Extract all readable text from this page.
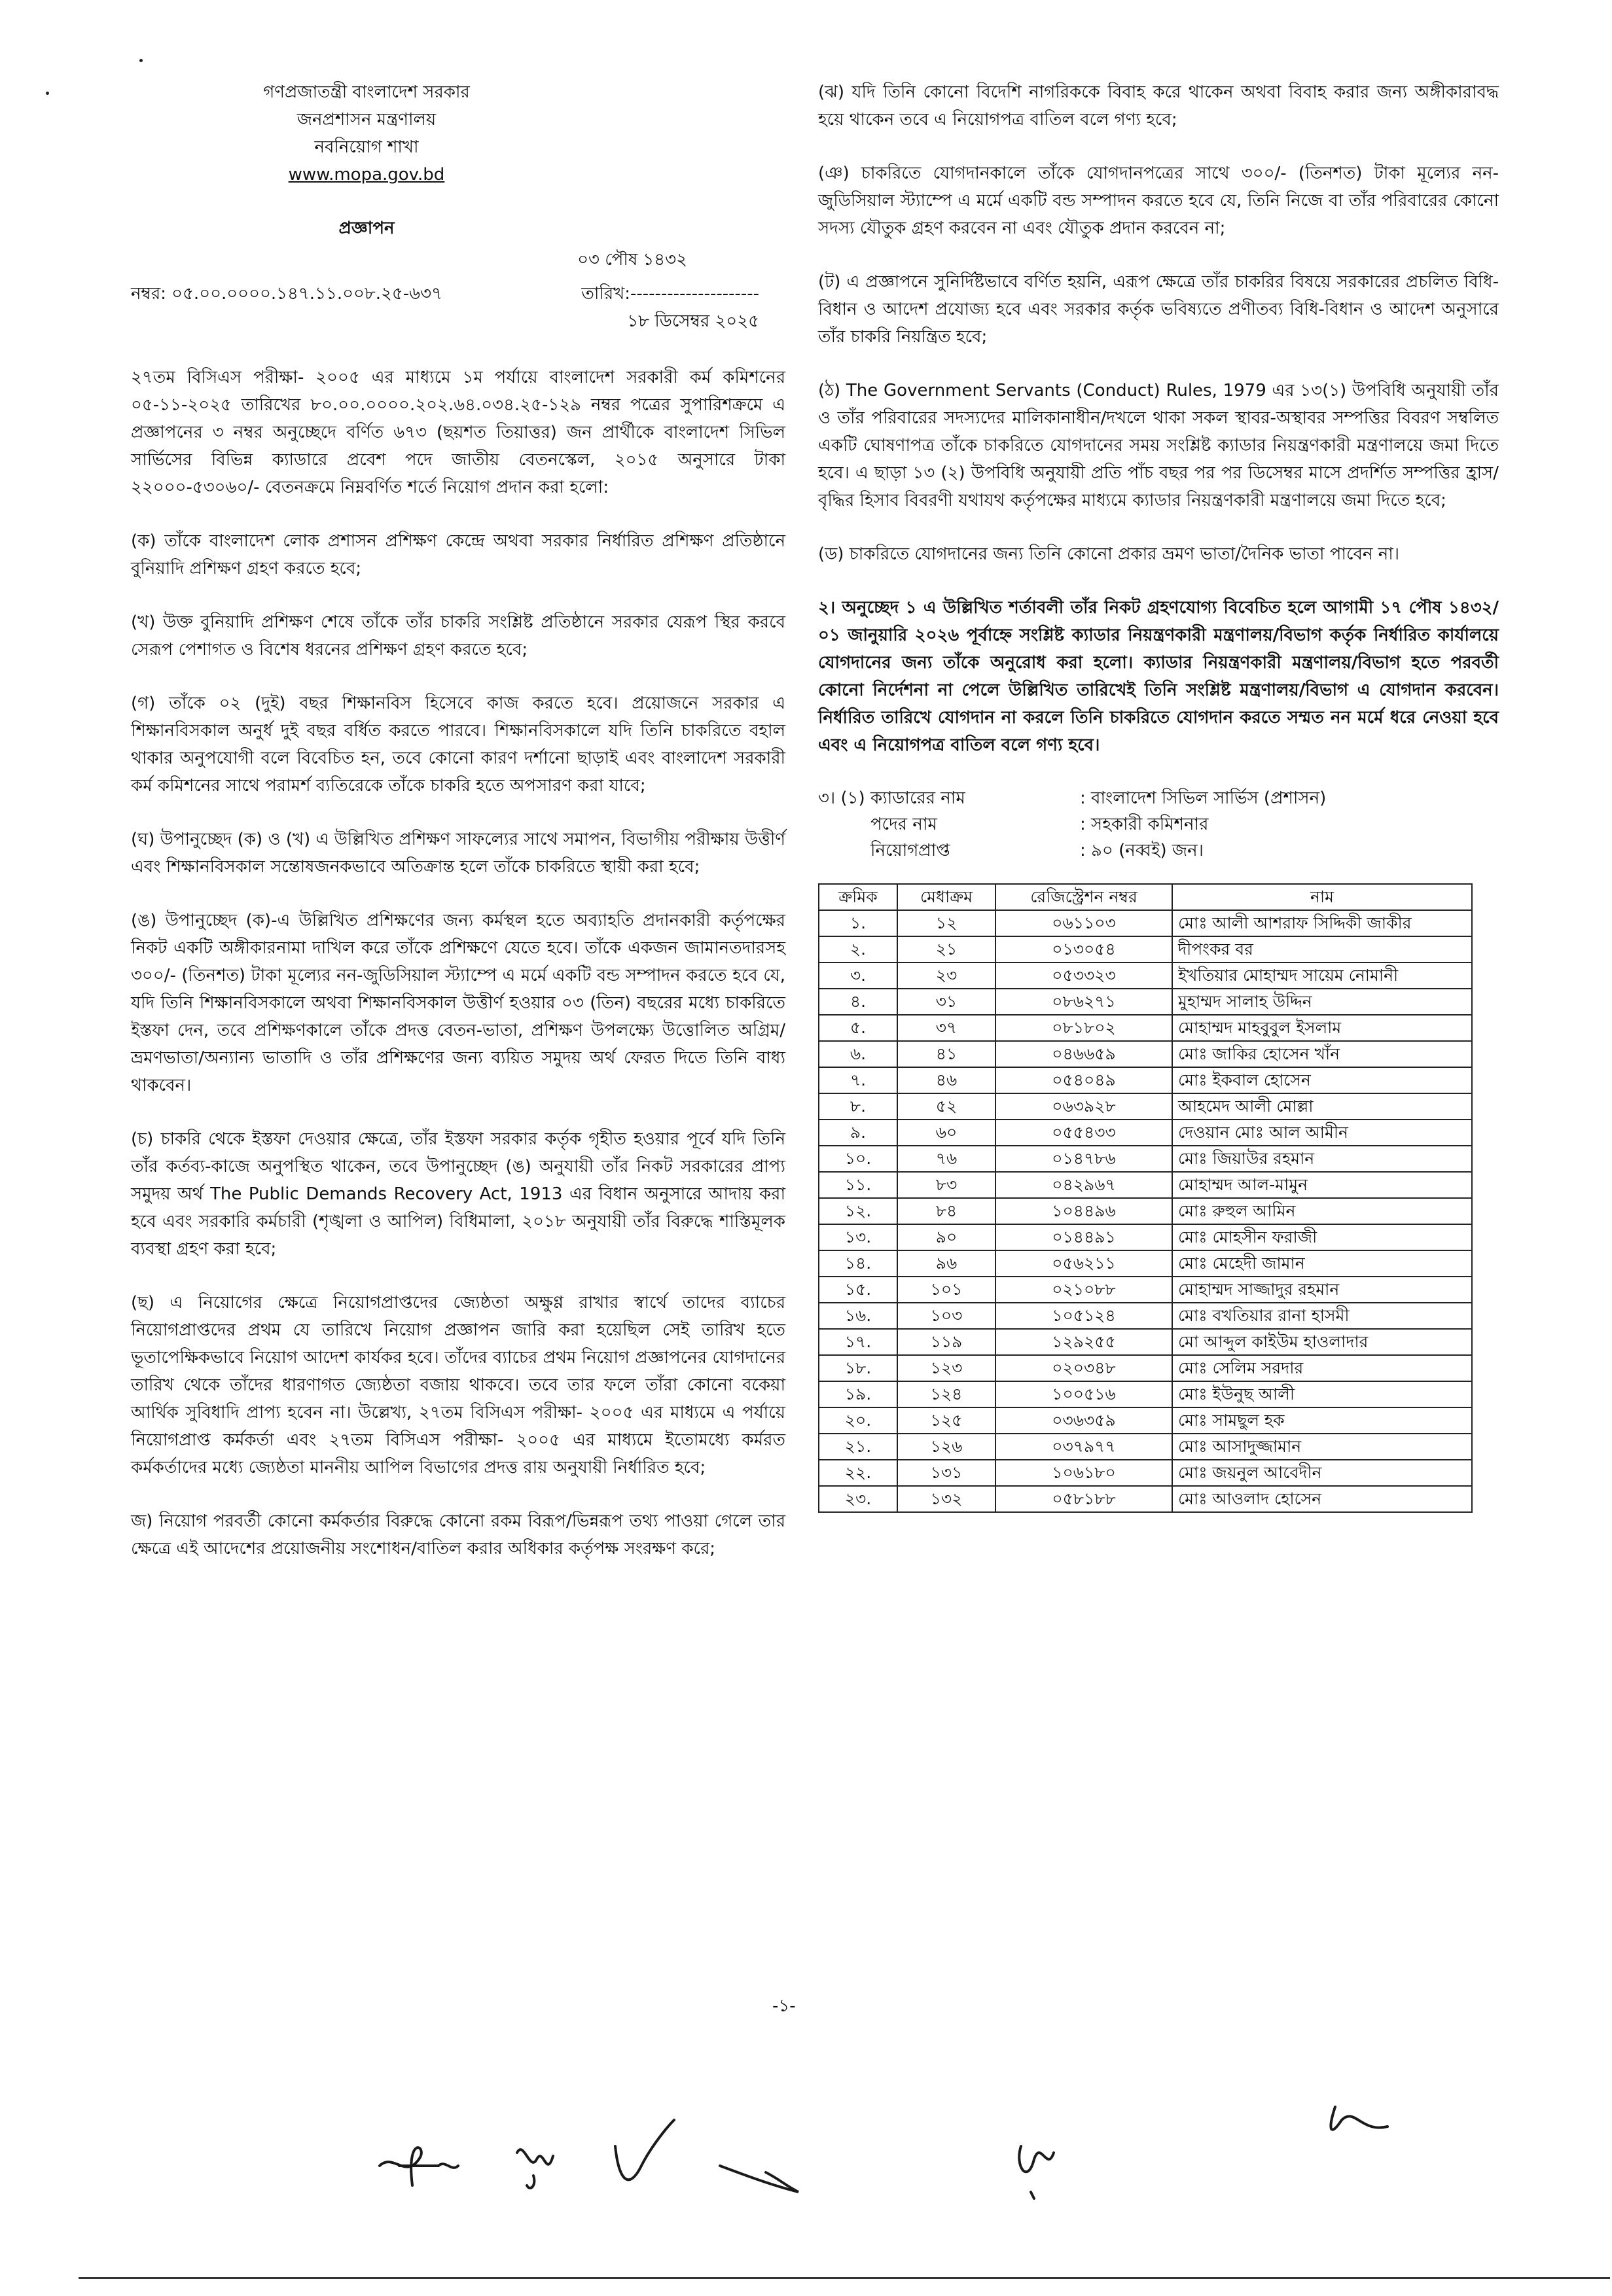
গণপ্রজাতন্ত্রী বাংলাদেশ সরকার
জনপ্রশাসন মন্ত্রণালয়
নবনিয়োগ শাখা
www.mopa.gov.bd
প্রজ্ঞাপন
০৩ পৌষ ১৪৩২
নম্বর: ০৫.০০.০০০০.১৪৭.১১.০০৮.২৫-৬৩৭	তারিখ:---------------------
১৮ ডিসেম্বর ২০২৫

২৭তম বিসিএস পরীক্ষা- ২০০৫ এর মাধ্যমে ১ম পর্যায়ে বাংলাদেশ সরকারী কর্ম কমিশনের ০৫-১১-২০২৫ তারিখের ৮০.০০.০০০০.২০২.৬৪.০৩৪.২৫-১২৯ নম্বর পত্রের সুপারিশক্রমে এ প্রজ্ঞাপনের ৩ নম্বর অনুচ্ছেদে বর্ণিত ৬৭৩ (ছয়শত তিয়াত্তর) জন প্রার্থীকে বাংলাদেশ সিভিল সার্ভিসের বিভিন্ন ক্যাডারে প্রবেশ পদে জাতীয় বেতনস্কেল, ২০১৫ অনুসারে টাকা ২২০০০-৫৩০৬০/- বেতনক্রমে নিম্নবর্ণিত শর্তে নিয়োগ প্রদান করা হলো:

(ক) তাঁকে বাংলাদেশ লোক প্রশাসন প্রশিক্ষণ কেন্দ্রে অথবা সরকার নির্ধারিত প্রশিক্ষণ প্রতিষ্ঠানে বুনিয়াদি প্রশিক্ষণ গ্রহণ করতে হবে;

(খ) উক্ত বুনিয়াদি প্রশিক্ষণ শেষে তাঁকে তাঁর চাকরি সংশ্লিষ্ট প্রতিষ্ঠানে সরকার যেরূপ স্থির করবে সেরূপ পেশাগত ও বিশেষ ধরনের প্রশিক্ষণ গ্রহণ করতে হবে;

(গ) তাঁকে ০২ (দুই) বছর শিক্ষানবিস হিসেবে কাজ করতে হবে। প্রয়োজনে সরকার এ শিক্ষানবিসকাল অনুর্ধ দুই বছর বর্ধিত করতে পারবে। শিক্ষানবিসকালে যদি তিনি চাকরিতে বহাল থাকার অনুপযোগী বলে বিবেচিত হন, তবে কোনো কারণ দর্শানো ছাড়াই এবং বাংলাদেশ সরকারী কর্ম কমিশনের সাথে পরামর্শ ব্যতিরেকে তাঁকে চাকরি হতে অপসারণ করা যাবে;

(ঘ) উপানুচ্ছেদ (ক) ও (খ) এ উল্লিখিত প্রশিক্ষণ সাফল্যের সাথে সমাপন, বিভাগীয় পরীক্ষায় উত্তীর্ণ এবং শিক্ষানবিসকাল সন্তোষজনকভাবে অতিক্রান্ত হলে তাঁকে চাকরিতে স্থায়ী করা হবে;

(ঙ) উপানুচ্ছেদ (ক)-এ উল্লিখিত প্রশিক্ষণের জন্য কর্মস্থল হতে অব্যাহতি প্রদানকারী কর্তৃপক্ষের নিকট একটি অঙ্গীকারনামা দাখিল করে তাঁকে প্রশিক্ষণে যেতে হবে। তাঁকে একজন জামানতদারসহ ৩০০/- (তিনশত) টাকা মূল্যের নন-জুডিসিয়াল স্ট্যাম্পে এ মর্মে একটি বন্ড সম্পাদন করতে হবে যে, যদি তিনি শিক্ষানবিসকালে অথবা শিক্ষানবিসকাল উত্তীর্ণ হওয়ার ০৩ (তিন) বছরের মধ্যে চাকরিতে ইস্তফা দেন, তবে প্রশিক্ষণকালে তাঁকে প্রদত্ত বেতন-ভাতা, প্রশিক্ষণ উপলক্ষ্যে উত্তোলিত অগ্রিম/ভ্রমণভাতা/অন্যান্য ভাতাদি ও তাঁর প্রশিক্ষণের জন্য ব্যয়িত সমুদয় অর্থ ফেরত দিতে তিনি বাধ্য থাকবেন।

(চ) চাকরি থেকে ইস্তফা দেওয়ার ক্ষেত্রে, তাঁর ইস্তফা সরকার কর্তৃক গৃহীত হওয়ার পূর্বে যদি তিনি তাঁর কর্তব্য-কাজে অনুপস্থিত থাকেন, তবে উপানুচ্ছেদ (ঙ) অনুযায়ী তাঁর নিকট সরকারের প্রাপ্য সমুদয় অর্থ The Public Demands Recovery Act, 1913 এর বিধান অনুসারে আদায় করা হবে এবং সরকারি কর্মচারী (শৃঙ্খলা ও আপিল) বিধিমালা, ২০১৮ অনুযায়ী তাঁর বিরুদ্ধে শাস্তিমূলক ব্যবস্থা গ্রহণ করা হবে;

(ছ) এ নিয়োগের ক্ষেত্রে নিয়োগপ্রাপ্তদের জ্যেষ্ঠতা অক্ষুণ্ণ রাখার স্বার্থে তাদের ব্যাচের নিয়োগপ্রাপ্তদের প্রথম যে তারিখে নিয়োগ প্রজ্ঞাপন জারি করা হয়েছিল সেই তারিখ হতে ভূতাপেক্ষিকভাবে নিয়োগ আদেশ কার্যকর হবে। তাঁদের ব্যাচের প্রথম নিয়োগ প্রজ্ঞাপনের যোগদানের তারিখ থেকে তাঁদের ধারণাগত জ্যেষ্ঠতা বজায় থাকবে। তবে তার ফলে তাঁরা কোনো বকেয়া আর্থিক সুবিধাদি প্রাপ্য হবেন না। উল্লেখ্য, ২৭তম বিসিএস পরীক্ষা- ২০০৫ এর মাধ্যমে এ পর্যায়ে নিয়োগপ্রাপ্ত কর্মকর্তা এবং ২৭তম বিসিএস পরীক্ষা- ২০০৫ এর মাধ্যমে ইতোমধ্যে কর্মরত কর্মকর্তাদের মধ্যে জ্যেষ্ঠতা মাননীয় আপিল বিভাগের প্রদত্ত রায় অনুযায়ী নির্ধারিত হবে;

জ) নিয়োগ পরবর্তী কোনো কর্মকর্তার বিরুদ্ধে কোনো রকম বিরূপ/ভিন্নরূপ তথ্য পাওয়া গেলে তার ক্ষেত্রে এই আদেশের প্রয়োজনীয় সংশোধন/বাতিল করার অধিকার কর্তৃপক্ষ সংরক্ষণ করে;

(ঝ) যদি তিনি কোনো বিদেশি নাগরিককে বিবাহ করে থাকেন অথবা বিবাহ করার জন্য অঙ্গীকারাবদ্ধ হয়ে থাকেন তবে এ নিয়োগপত্র বাতিল বলে গণ্য হবে;

(ঞ) চাকরিতে যোগদানকালে তাঁকে যোগদানপত্রের সাথে ৩০০/- (তিনশত) টাকা মূল্যের নন-জুডিসিয়াল স্ট্যাম্পে এ মর্মে একটি বন্ড সম্পাদন করতে হবে যে, তিনি নিজে বা তাঁর পরিবারের কোনো সদস্য যৌতুক গ্রহণ করবেন না এবং যৌতুক প্রদান করবেন না;

(ট) এ প্রজ্ঞাপনে সুনির্দিষ্টভাবে বর্ণিত হয়নি, এরূপ ক্ষেত্রে তাঁর চাকরির বিষয়ে সরকারের প্রচলিত বিধি-বিধান ও আদেশ প্রযোজ্য হবে এবং সরকার কর্তৃক ভবিষ্যতে প্রণীতব্য বিধি-বিধান ও আদেশ অনুসারে তাঁর চাকরি নিয়ন্ত্রিত হবে;

(ঠ) The Government Servants (Conduct) Rules, 1979 এর ১৩(১) উপবিধি অনুযায়ী তাঁর ও তাঁর পরিবারের সদস্যদের মালিকানাধীন/দখলে থাকা সকল স্থাবর-অস্থাবর সম্পত্তির বিবরণ সম্বলিত একটি ঘোষণাপত্র তাঁকে চাকরিতে যোগদানের সময় সংশ্লিষ্ট ক্যাডার নিয়ন্ত্রণকারী মন্ত্রণালয়ে জমা দিতে হবে। এ ছাড়া ১৩ (২) উপবিধি অনুযায়ী প্রতি পাঁচ বছর পর পর ডিসেম্বর মাসে প্রদর্শিত সম্পত্তির হ্রাস/বৃদ্ধির হিসাব বিবরণী যথাযথ কর্তৃপক্ষের মাধ্যমে ক্যাডার নিয়ন্ত্রণকারী মন্ত্রণালয়ে জমা দিতে হবে;

(ড) চাকরিতে যোগদানের জন্য তিনি কোনো প্রকার ভ্রমণ ভাতা/দৈনিক ভাতা পাবেন না।

২। অনুচ্ছেদ ১ এ উল্লিখিত শর্তাবলী তাঁর নিকট গ্রহণযোগ্য বিবেচিত হলে আগামী ১৭ পৌষ ১৪৩২/ ০১ জানুয়ারি ২০২৬ পূর্বাহ্নে সংশ্লিষ্ট ক্যাডার নিয়ন্ত্রণকারী মন্ত্রণালয়/বিভাগ কর্তৃক নির্ধারিত কার্যালয়ে যোগদানের জন্য তাঁকে অনুরোধ করা হলো। ক্যাডার নিয়ন্ত্রণকারী মন্ত্রণালয়/বিভাগ হতে পরবর্তী কোনো নির্দেশনা না পেলে উল্লিখিত তারিখেই তিনি সংশ্লিষ্ট মন্ত্রণালয়/বিভাগ এ যোগদান করবেন। নির্ধারিত তারিখে যোগদান না করলে তিনি চাকরিতে যোগদান করতে সম্মত নন মর্মে ধরে নেওয়া হবে এবং এ নিয়োগপত্র বাতিল বলে গণ্য হবে।

৩। (১) ক্যাডারের নাম	: বাংলাদেশ সিভিল সার্ভিস (প্রশাসন)
পদের নাম	: সহকারী কমিশনার
নিয়োগপ্রাপ্ত	: ৯০ (নব্বই) জন।
ক্রমিক	মেধাক্রম	রেজিস্ট্রেশন নম্বর	নাম
১.	১২	০৬১১০৩	মোঃ আলী আশরাফ সিদ্দিকী জাকীর
২.	২১	০১৩০৫৪	দীপংকর বর
৩.	২৩	০৫৩৩২৩	ইখতিয়ার মোহাম্মদ সায়েম নোমানী
৪.	৩১	০৮৬২৭১	মুহাম্মদ সালাহ উদ্দিন
৫.	৩৭	০৮১৮০২	মোহাম্মদ মাহবুবুল ইসলাম
৬.	৪১	০৪৬৬৫৯	মোঃ জাকির হোসেন খাঁন
৭.	৪৬	০৫৪০৪৯	মোঃ ইকবাল হোসেন
৮.	৫২	০৬৩৯২৮	আহমেদ আলী মোল্লা
৯.	৬০	০৫৫৪৩৩	দেওয়ান মোঃ আল আমীন
১০.	৭৬	০১৪৭৮৬	মোঃ জিয়াউর রহমান
১১.	৮৩	০৪২৯৬৭	মোহাম্মদ আল-মামুন
১২.	৮৪	১০৪৪৯৬	মোঃ রুহুল আমিন
১৩.	৯০	০১৪৪৯১	মোঃ মোহসীন ফরাজী
১৪.	৯৬	০৫৬২১১	মোঃ মেহেদী জামান
১৫.	১০১	০২১০৮৮	মোহাম্মদ সাজ্জাদুর রহমান
১৬.	১০৩	১০৫১২৪	মোঃ বখতিয়ার রানা হাসমী
১৭.	১১৯	১২৯২৫৫	মো আব্দুল কাইউম হাওলাদার
১৮.	১২৩	০২০৩৪৮	মোঃ সেলিম সরদার
১৯.	১২৪	১০০৫১৬	মোঃ ইউনুছ আলী
২০.	১২৫	০৩৬৩৫৯	মোঃ সামছুল হক
২১.	১২৬	০৩৭৯৭৭	মোঃ আসাদুজ্জামান
২২.	১৩১	১০৬১৮০	মোঃ জয়নুল আবেদীন
২৩.	১৩২	০৫৮১৮৮	মোঃ আওলাদ হোসেন
-১-
